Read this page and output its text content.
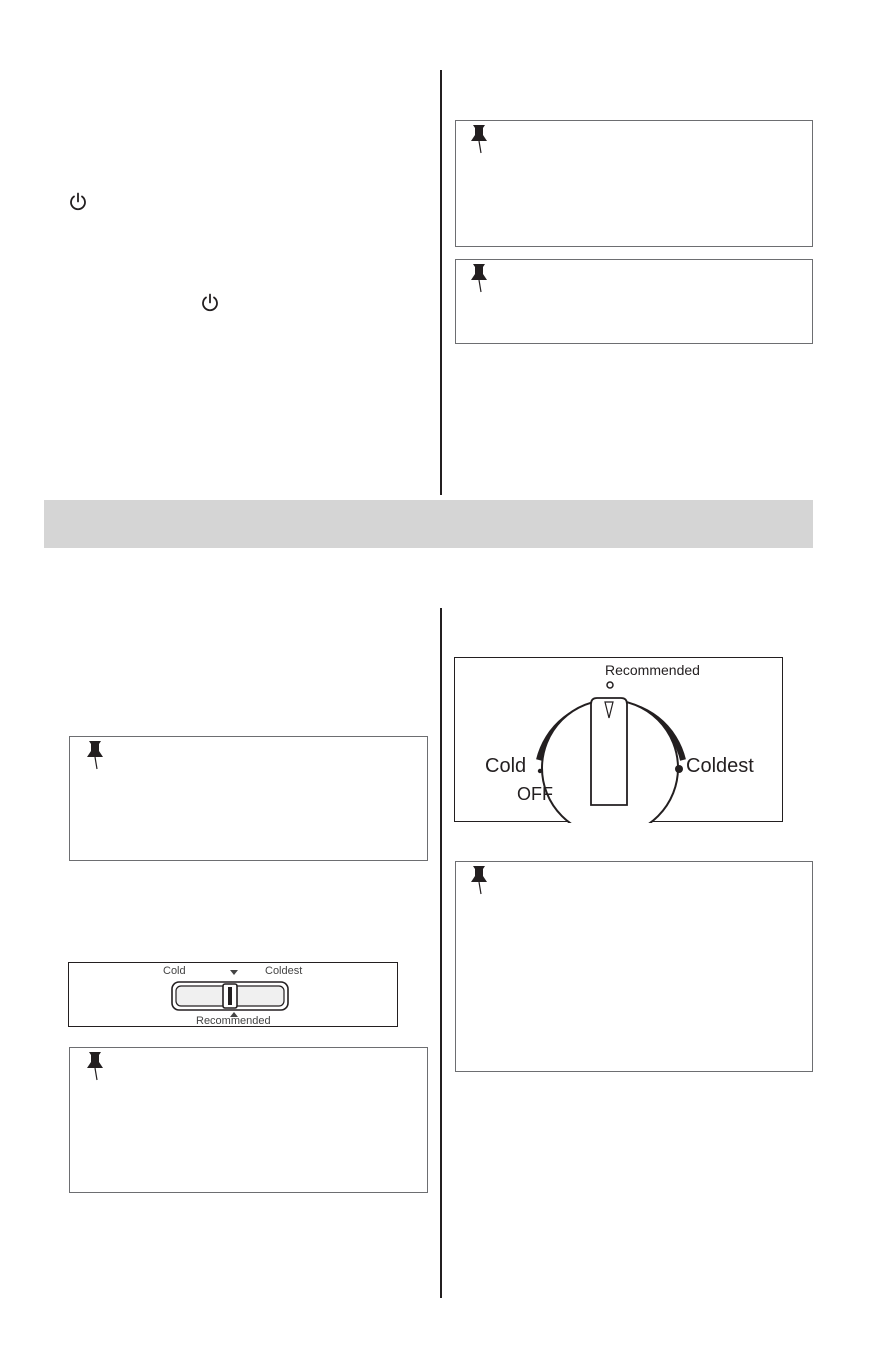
Cold	Coldest
Recommended
Recommended
Cold	Coldest
OFF
